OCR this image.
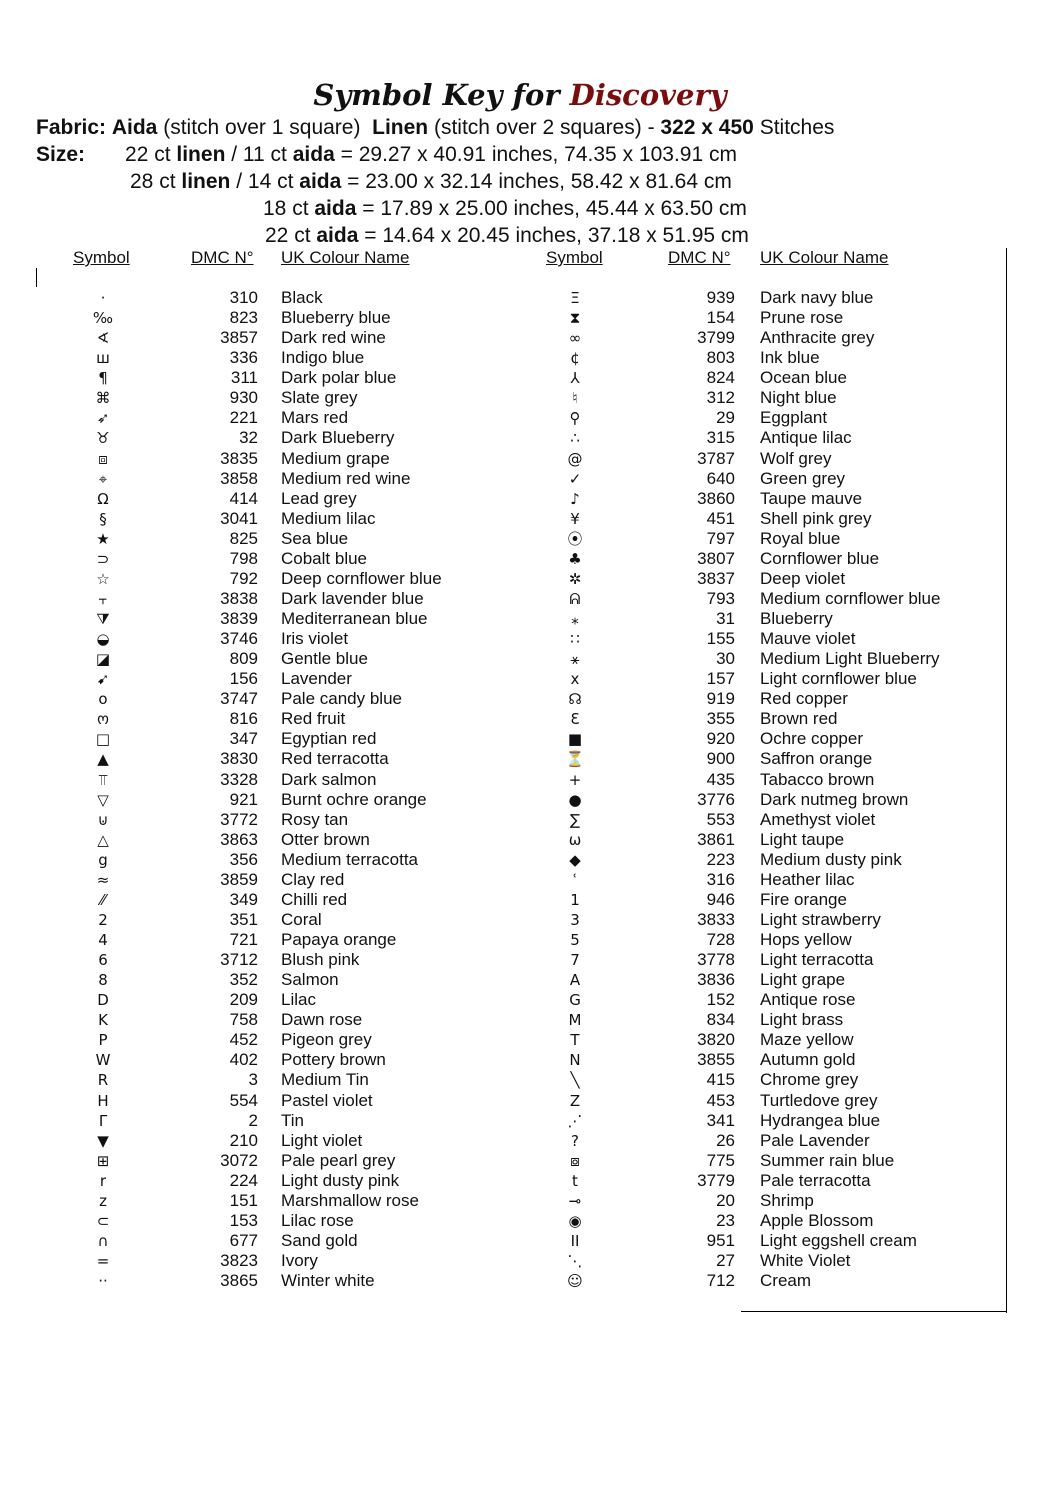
Symbol Key for Discovery
Fabric: Aida (stitch over 1 square) Linen (stitch over 2 squares) - 322 x 450 Stitches
Size: 22 ct linen / 11 ct aida = 29.27 x 40.91 inches, 74.35 x 103.91 cm
28 ct linen / 14 ct aida = 23.00 x 32.14 inches, 58.42 x 81.64 cm
18 ct aida = 17.89 x 25.00 inches, 45.44 x 63.50 cm
22 ct aida = 14.64 x 20.45 inches, 37.18 x 51.95 cm
Symbol	DMC N° UK Colour Name	Symbol	DMC N° UK Colour Name
·	310 Black
‰	823 Blueberry blue
∢	3857 Dark red wine
ш	336 Indigo blue
¶	311 Dark polar blue
⌘	930 Slate grey
➶	221 Mars red
♉	32 Dark Blueberry
⧈	3835 Medium grape
⌖	3858 Medium red wine
Ω	414 Lead grey
§	3041 Medium lilac
★	825 Sea blue
⊃	798 Cobalt blue
☆	792 Deep cornflower blue
⫟	3838 Dark lavender blue
⧩	3839 Mediterranean blue
◒	3746 Iris violet
◪	809 Gentle blue
➹	156 Lavender
o	3747 Pale candy blue
ო	816 Red fruit
□	347 Egyptian red
▲	3830 Red terracotta
⫪	3328 Dark salmon
▽	921 Burnt ochre orange
⊍	3772 Rosy tan
△	3863 Otter brown
g	356 Medium terracotta
≈	3859 Clay red
⁄⁄	349 Chilli red
2	351 Coral
4	721 Papaya orange
6	3712 Blush pink
8	352 Salmon
D	209 Lilac
K	758 Dawn rose
P	452 Pigeon grey
W	402 Pottery brown
R	3 Medium Tin
H	554 Pastel violet
Γ	2 Tin
▼	210 Light violet
⊞	3072 Pale pearl grey
r	224 Light dusty pink
z	151 Marshmallow rose
⊂	153 Lilac rose
∩	677 Sand gold
=	3823 Ivory
··	3865 Winter white
Ξ	939 Dark navy blue
⧗	154 Prune rose
∞	3799 Anthracite grey
¢	803 Ink blue
⅄	824 Ocean blue
♮	312 Night blue
⚲	29 Eggplant
∴	315 Antique lilac
@	3787 Wolf grey
✓	640 Green grey
♪	3860 Taupe mauve
¥	451 Shell pink grey
⦿	797 Royal blue
♣	3807 Cornflower blue
✲	3837 Deep violet
ᕱ	793 Medium cornflower blue
⁎	31 Blueberry
∷	155 Mauve violet
⚹	30 Medium Light Blueberry
x	157 Light cornflower blue
☊	919 Red copper
Ɛ	355 Brown red
■	920 Ochre copper
⏳	900 Saffron orange
+	435 Tabacco brown
●	3776 Dark nutmeg brown
∑	553 Amethyst violet
ω	3861 Light taupe
◆	223 Medium dusty pink
ʿ	316 Heather lilac
1	946 Fire orange
3	3833 Light strawberry
5	728 Hops yellow
7	3778 Light terracotta
A	3836 Light grape
G	152 Antique rose
M	834 Light brass
T	3820 Maze yellow
N	3855 Autumn gold
╲	415 Chrome grey
Z	453 Turtledove grey
⋰	341 Hydrangea blue
?	26 Pale Lavender
⧇	775 Summer rain blue
t	3779 Pale terracotta
⊸	20 Shrimp
◉	23 Apple Blossom
II	951 Light eggshell cream
⋱	27 White Violet
☺	712 Cream
